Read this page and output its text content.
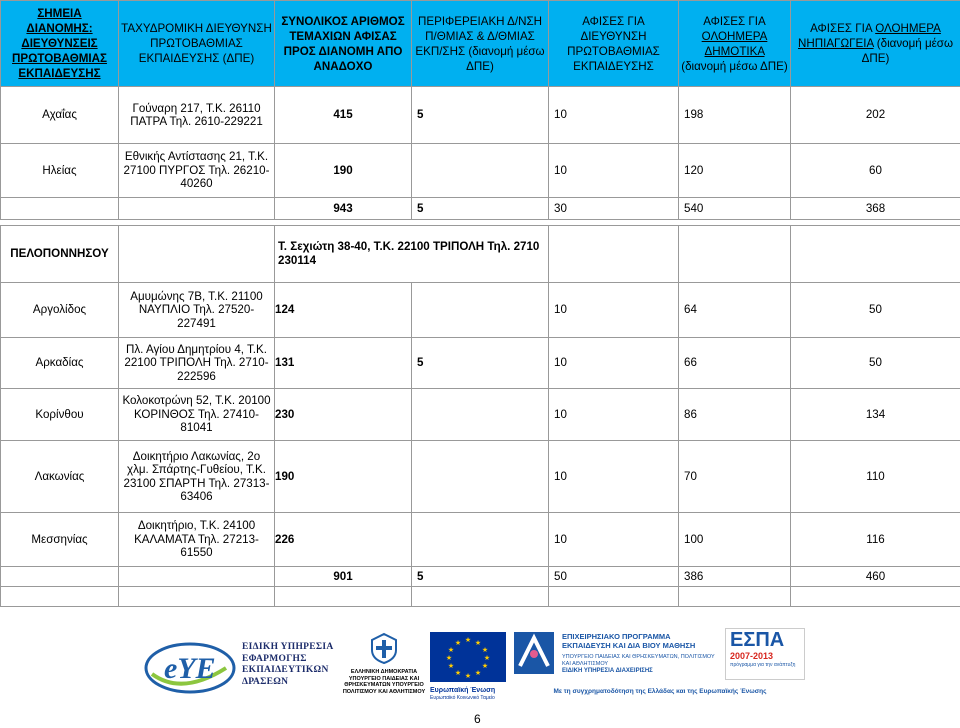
ΣΗΜΕΙΑ ΔΙΑΝΟΜΗΣ: ΔΙΕΥΘΥΝΣΕΙΣ ΠΡΩΤΟΒΑΘΜΙΑΣ ΕΚΠΑΙΔΕΥΣΗΣ	ΤΑΧΥΔΡΟΜΙΚΗ ΔΙΕΥΘΥΝΣΗ ΠΡΩΤΟΒΑΘΜΙΑΣ ΕΚΠΑΙΔΕΥΣΗΣ (ΔΠΕ)	ΣΥΝΟΛΙΚΟΣ ΑΡΙΘΜΟΣ ΤΕΜΑΧΙΩΝ ΑΦΙΣΑΣ ΠΡΟΣ ΔΙΑΝΟΜΗ ΑΠΟ ΑΝΑΔΟΧΟ	ΠΕΡΙΦΕΡΕΙΑΚΗ Δ/ΝΣΗ Π/ΘΜΙΑΣ & Δ/ΘΜΙΑΣ ΕΚΠ/ΣΗΣ (διανομή μέσω ΔΠΕ)	ΑΦΙΣΕΣ ΓΙΑ ΔΙΕΥΘΥΝΣΗ ΠΡΩΤΟΒΑΘΜΙΑΣ ΕΚΠΑΙΔΕΥΣΗΣ	ΑΦΙΣΕΣ ΓΙΑ ΟΛΟΗΜΕΡΑ ΔΗΜΟΤΙΚΑ (διανομή μέσω ΔΠΕ)	ΑΦΙΣΕΣ ΓΙΑ ΟΛΟΗΜΕΡΑ ΝΗΠΙΑΓΩΓΕΙΑ (διανομή μέσω ΔΠΕ)
Αχαΐας	Γούναρη 217, Τ.Κ. 26110 ΠΑΤΡΑ Τηλ. 2610-229221	415	5	10	198	202
Ηλείας	Εθνικής Αντίστασης 21, Τ.Κ. 27100 ΠΥΡΓΟΣ Τηλ. 26210-40260	190		10	120	60
		943	5	30	540	368
ΠΕΛΟΠΟΝΝΗΣΟΥ		Τ. Σεχιώτη 38-40, Τ.Κ. 22100 ΤΡΙΠΟΛΗ Τηλ. 2710 230114				
Αργολίδος	Αμυμώνης 7Β, Τ.Κ. 21100 ΝΑΥΠΛΙΟ Τηλ. 27520-227491	124		10	64	50
Αρκαδίας	Πλ. Αγίου Δημητρίου 4, Τ.Κ. 22100 ΤΡΙΠΟΛΗ Τηλ. 2710-222596	131	5	10	66	50
Κορίνθου	Κολοκοτρώνη 52, Τ.Κ. 20100 ΚΟΡΙΝΘΟΣ Τηλ. 27410-81041	230		10	86	134
Λακωνίας	Δοικητήριο Λακωνίας, 2ο χλμ. Σπάρτης-Γυθείου, Τ.Κ. 23100 ΣΠΑΡΤΗ Τηλ. 27313-63406	190		10	70	110
Μεσσηνίας	Δοικητήριο, Τ.Κ. 24100 ΚΑΛΑΜΑΤΑ Τηλ. 27213-61550	226		10	100	116
		901	5	50	386	460

eYE
ΕΙΔΙΚΗ ΥΠΗΡΕΣΙΑ ΕΦΑΡΜΟΓΗΣ ΕΚΠΑΙΔΕΥΤΙΚΩΝ ΔΡΑΣΕΩΝ
ΕΛΛΗΝΙΚΗ ΔΗΜΟΚΡΑΤΙΑ ΥΠΟΥΡΓΕΙΟ ΠΑΙΔΕΙΑΣ ΚΑΙ ΘΡΗΣΚΕΥΜΑΤΩΝ ΥΠΟΥΡΓΕΙΟ ΠΟΛΙΤΙΣΜΟΥ ΚΑΙ ΑΘΛΗΤΙΣΜΟΥ
★ ★
★
★
★
★
★
★
★
★
★
★
Ευρωπαϊκή Ένωση
Ευρωπαϊκό Κοινωνικό Ταμείο
ΕΠΙΧΕΙΡΗΣΙΑΚΟ ΠΡΟΓΡΑΜΜΑ ΕΚΠΑΙΔΕΥΣΗ ΚΑΙ ΔΙΑ ΒΙΟΥ ΜΑΘΗΣΗ
ΥΠΟΥΡΓΕΙΟ ΠΑΙΔΕΙΑΣ ΚΑΙ ΘΡΗΣΚΕΥΜΑΤΩΝ, ΠΟΛΙΤΙΣΜΟΥ ΚΑΙ ΑΘΛΗΤΙΣΜΟΥ
ΕΙΔΙΚΗ ΥΠΗΡΕΣΙΑ ΔΙΑΧΕΙΡΙΣΗΣ
ΕΣΠΑ
2007-2013
πρόγραμμα για την ανάπτυξη
Με τη συγχρηματοδότηση της Ελλάδας και της Ευρωπαϊκής Ένωσης
6
